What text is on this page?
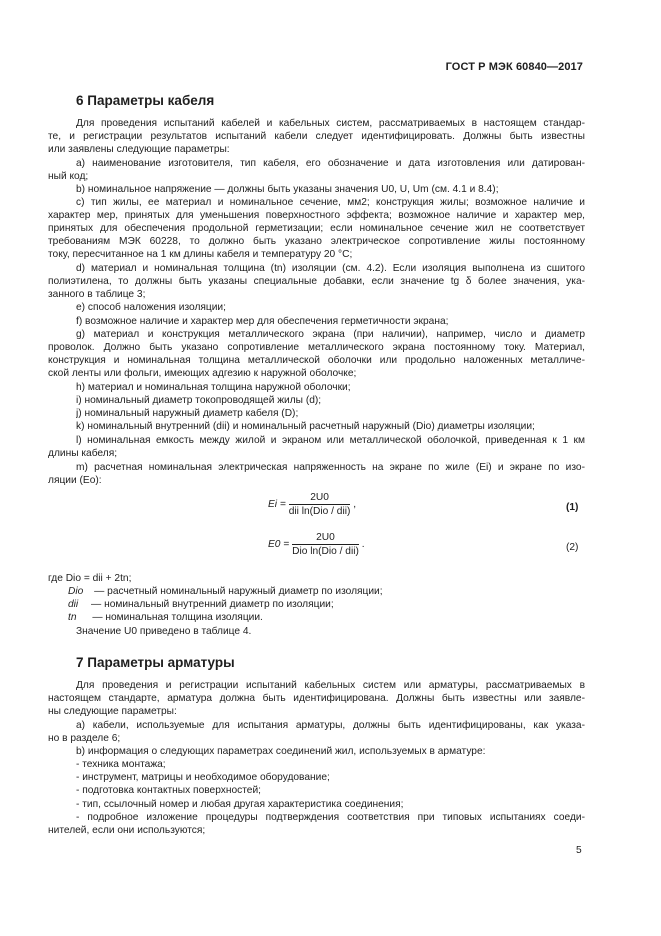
ГОСТ Р МЭК 60840—2017
6 Параметры кабеля
Для проведения испытаний кабелей и кабельных систем, рассматриваемых в настоящем стандар-
те, и регистрации результатов испытаний кабели следует идентифицировать. Должны быть известны
или заявлены следующие параметры:
a) наименование изготовителя, тип кабеля, его обозначение и дата изготовления или датирован-
ный код;
b) номинальное напряжение — должны быть указаны значения U0, U, Um (см. 4.1 и 8.4);
c) тип жилы, ее материал и номинальное сечение, мм2; конструкция жилы; возможное наличие и
характер мер, принятых для уменьшения поверхностного эффекта; возможное наличие и характер мер,
принятых для обеспечения продольной герметизации; если номинальное сечение жил не соответствует
требованиям МЭК 60228, то должно быть указано электрическое сопротивление жилы постоянному
току, пересчитанное на 1 км длины кабеля и температуру 20 °С;
d) материал и номинальная толщина (tn) изоляции (см. 4.2). Если изоляция выполнена из сшитого
полиэтилена, то должны быть указаны специальные добавки, если значение tg δ более значения, ука-
занного в таблице 3;
e) способ наложения изоляции;
f) возможное наличие и характер мер для обеспечения герметичности экрана;
g) материал и конструкция металлического экрана (при наличии), например, число и диаметр
проволок. Должно быть указано сопротивление металлического экрана постоянному току. Материал,
конструкция и номинальная толщина металлической оболочки или продольно наложенных металличе-
ской ленты или фольги, имеющих адгезию к наружной оболочке;
h) материал и номинальная толщина наружной оболочки;
i) номинальный диаметр токопроводящей жилы (d);
j) номинальный наружный диаметр кабеля (D);
k) номинальный внутренний (dii) и номинальный расчетный наружный (Dio) диаметры изоляции;
l) номинальная емкость между жилой и экраном или металлической оболочкой, приведенная к 1 км
длины кабеля;
m) расчетная номинальная электрическая напряженность на экране по жиле (Ei) и экране по изо-
ляции (Eo):
$Ei = \frac{2U0}{\text{dii ln(Dio / dii)}}$ ,	(1)
$E0 = \frac{2U0}{\text{Dio ln(Dio / dii)}}$ .	(2)
где Dio = dii + 2tn;
Dio — расчетный номинальный наружный диаметр по изоляции;
dii — номинальный внутренний диаметр по изоляции;
tn — номинальная толщина изоляции.
Значение U0 приведено в таблице 4.
7 Параметры арматуры
Для проведения и регистрации испытаний кабельных систем или арматуры, рассматриваемых в
настоящем стандарте, арматура должна быть идентифицирована. Должны быть известны или заявле-
ны следующие параметры:
a) кабели, используемые для испытания арматуры, должны быть идентифицированы, как указа-
но в разделе 6;
b) информация о следующих параметрах соединений жил, используемых в арматуре:
- техника монтажа;
- инструмент, матрицы и необходимое оборудование;
- подготовка контактных поверхностей;
- тип, ссылочный номер и любая другая характеристика соединения;
- подробное изложение процедуры подтверждения соответствия при типовых испытаниях соеди-
нителей, если они используются;
5
